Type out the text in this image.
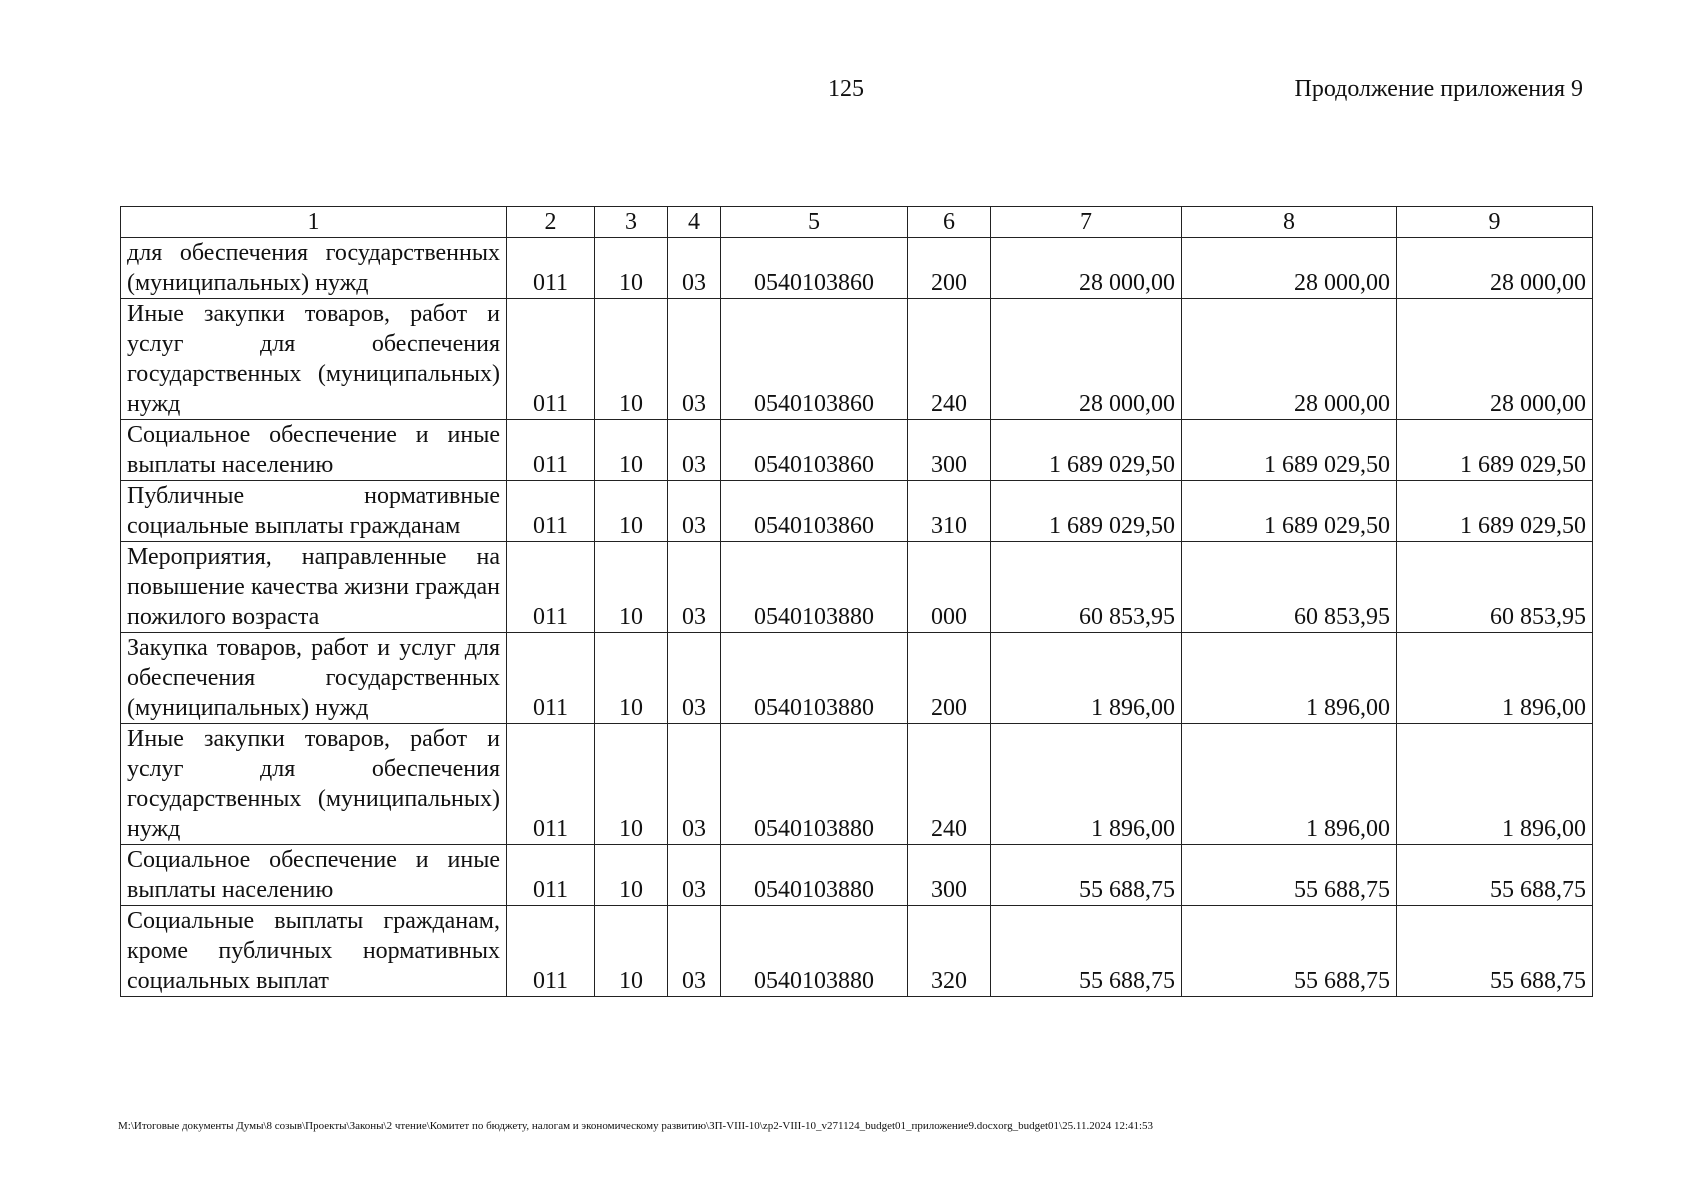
125	Продолжение приложения 9
1	2	3	4	5	6	7	8	9
для обеспечения государственных (муниципальных) нужд	011	10	03	0540103860	200	28 000,00	28 000,00	28 000,00
Иные закупки товаров, работ и услуг для обеспечения государственных (муниципальных) нужд	011	10	03	0540103860	240	28 000,00	28 000,00	28 000,00
Социальное обеспечение и иные выплаты населению	011	10	03	0540103860	300	1 689 029,50	1 689 029,50	1 689 029,50
Публичные нормативные социальные выплаты гражданам	011	10	03	0540103860	310	1 689 029,50	1 689 029,50	1 689 029,50
Мероприятия, направленные на повышение качества жизни граждан пожилого возраста	011	10	03	0540103880	000	60 853,95	60 853,95	60 853,95
Закупка товаров, работ и услуг для обеспечения государственных (муниципальных) нужд	011	10	03	0540103880	200	1 896,00	1 896,00	1 896,00
Иные закупки товаров, работ и услуг для обеспечения государственных (муниципальных) нужд	011	10	03	0540103880	240	1 896,00	1 896,00	1 896,00
Социальное обеспечение и иные выплаты населению	011	10	03	0540103880	300	55 688,75	55 688,75	55 688,75
Социальные выплаты гражданам, кроме публичных нормативных социальных выплат	011	10	03	0540103880	320	55 688,75	55 688,75	55 688,75
M:\Итоговые документы Думы\8 созыв\Проекты\Законы\2 чтение\Комитет по бюджету, налогам и экономическому развитию\ЗП-VIII-10\zp2-VIII-10_v271124_budget01_приложение9.docxorg_budget01\25.11.2024 12:41:53
